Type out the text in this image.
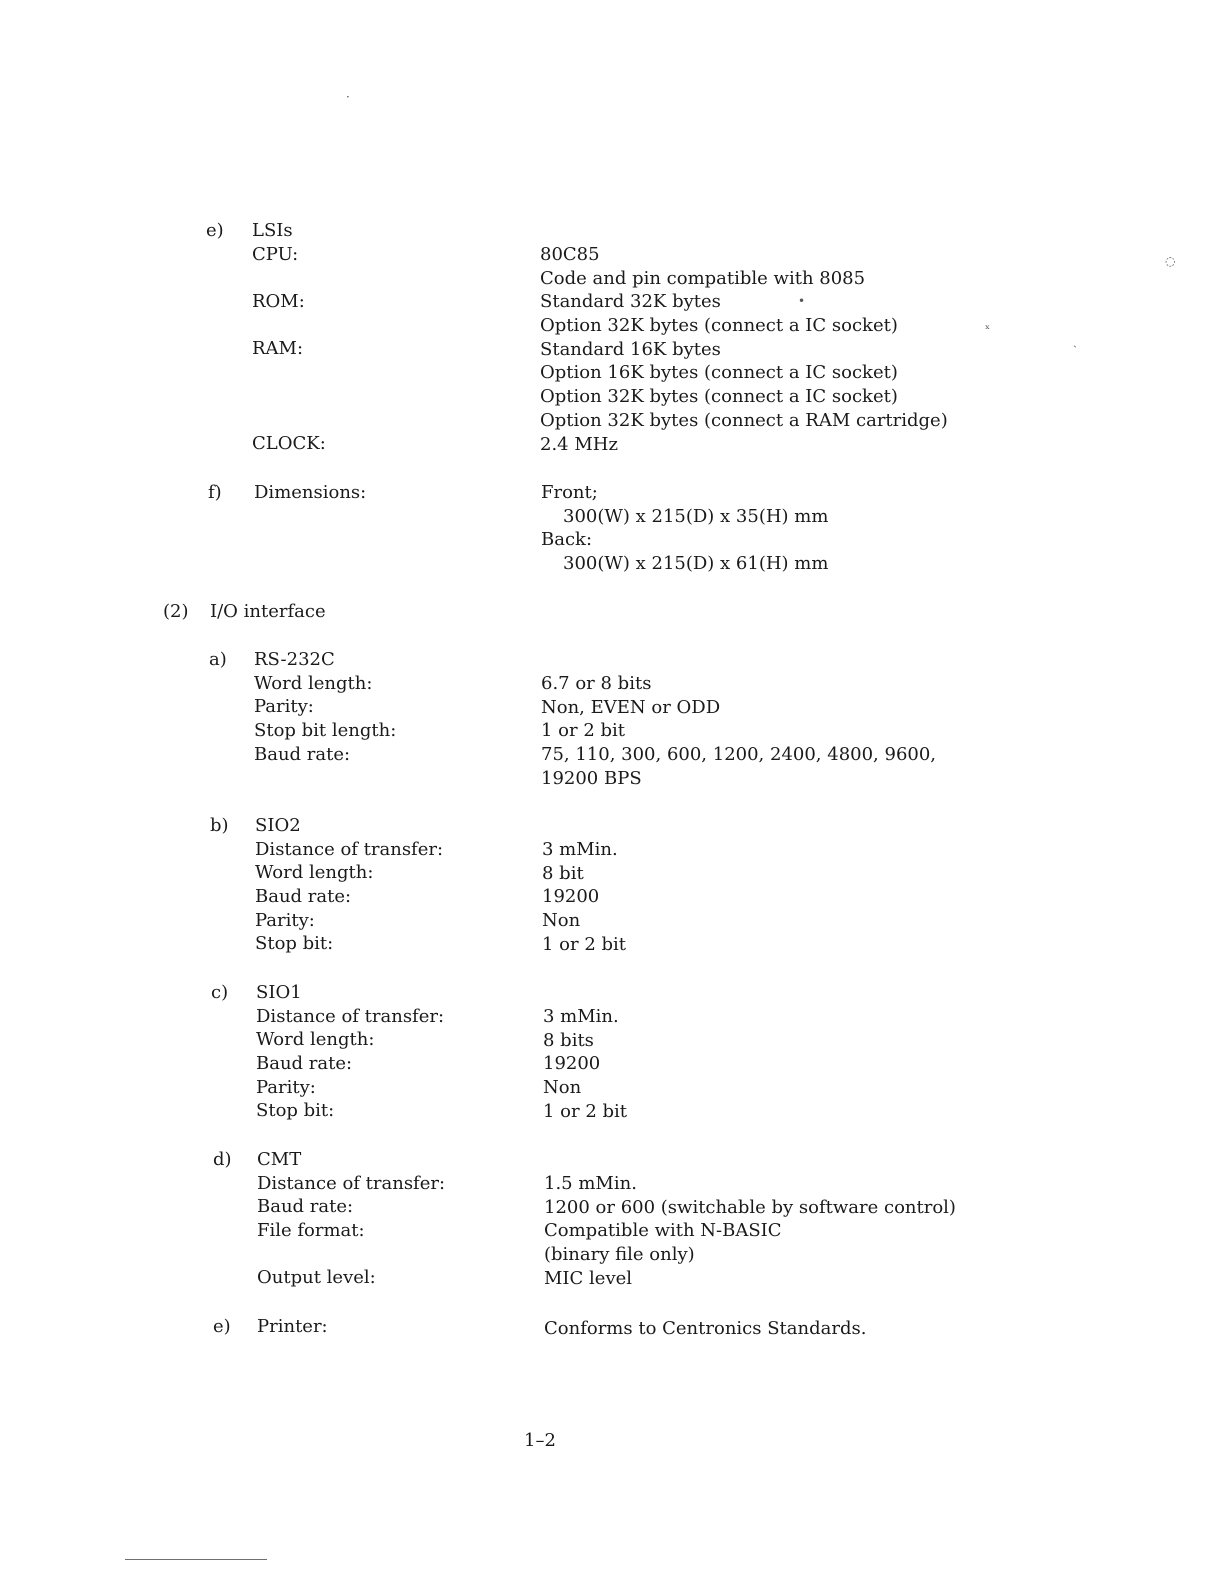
·
•
ˣ
ˎ
◌
e) LSIs
CPU:
ROM:
RAM:
CLOCK:
80C85
Code and pin compatible with 8085
Standard 32K bytes
Option 32K bytes (connect a IC socket)
Standard 16K bytes
Option 16K bytes (connect a IC socket)
Option 32K bytes (connect a IC socket)
Option 32K bytes (connect a RAM cartridge)
2.4 MHz
f) Dimensions:	Front;
300(W) x 215(D) x 35(H) mm
Back:
300(W) x 215(D) x 61(H) mm
(2) I/O interface
a) RS-232C
Word length:
Parity:
Stop bit length:
Baud rate:
6.7 or 8 bits
Non, EVEN or ODD
1 or 2 bit
75, 110, 300, 600, 1200, 2400, 4800, 9600,
19200 BPS
b) SIO2
Distance of transfer:
Word length:
Baud rate:
Parity:
Stop bit:
3 mMin.
8 bit
19200
Non
1 or 2 bit
c) SIO1
Distance of transfer:
Word length:
Baud rate:
Parity:
Stop bit:
3 mMin.
8 bits
19200
Non
1 or 2 bit
d) CMT
Distance of transfer:
Baud rate:
File format:
Output level:
1.5 mMin.
1200 or 600 (switchable by software control)
Compatible with N-BASIC
(binary file only)
MIC level
e) Printer:	Conforms to Centronics Standards.
1–2
